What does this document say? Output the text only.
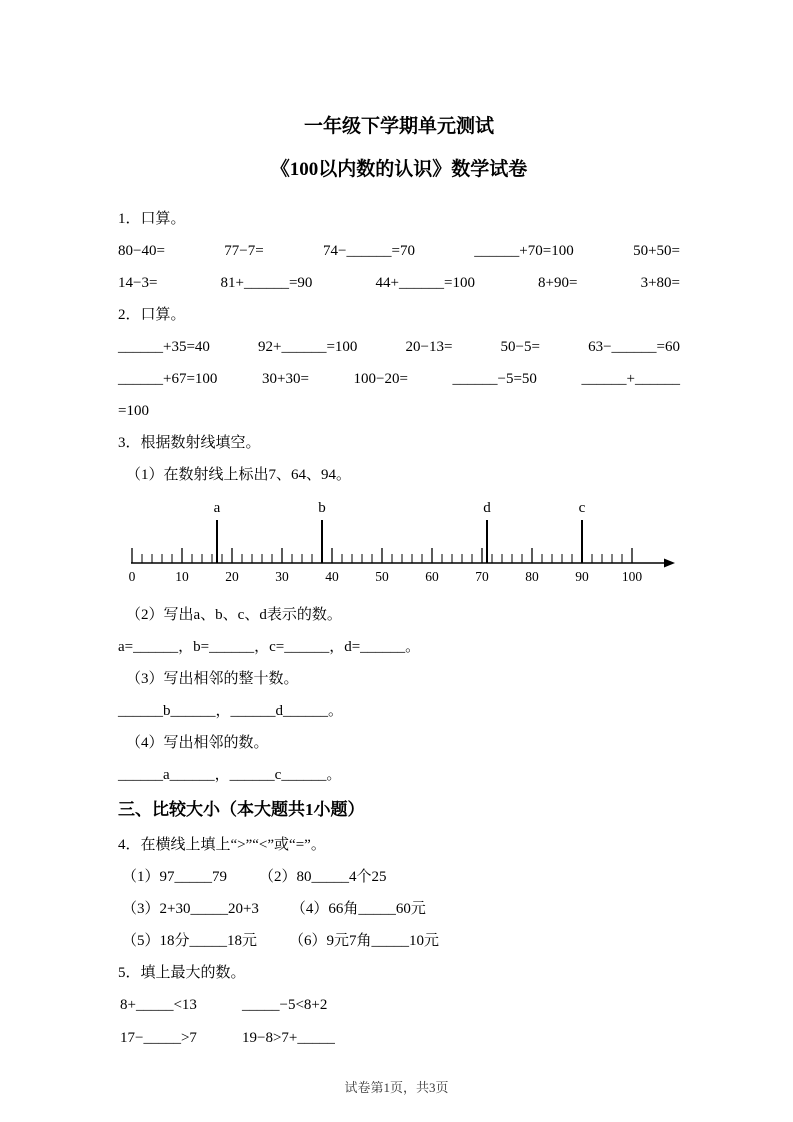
一年级下学期单元测试
《100以内数的认识》数学试卷

1．口算。

80−40=	77−7=	74−______=70	______+70=100	50+50=
14−3=	81+______=90	44+______=100	8+90=	3+80=

2．口算。

______+35=40	92+______=100	20−13=	50−5=	63−______=60
______+67=100	30+30=	100−20=	______−5=50	______+______

=100

3．根据数射线填空。

（1）在数射线上标出7、64、94。

0	10	20	30	40	50	60	70	80	90 100
a	b	d	c

（2）写出a、b、c、d表示的数。

a=______，b=______，c=______，d=______。

（3）写出相邻的整十数。

______b______，______d______。

（4）写出相邻的数。

______a______，______c______。

三、比较大小（本大题共1小题）

4．在横线上填上“>”“<”或“=”。

（1）97_____79 （2）80_____4个25
（3）2+30_____20+3 （4）66角_____60元
（5）18分_____18元 （6）9元7角_____10元

5．填上最大的数。

8+_____<13	_____−5<8+2
17−_____>7	19−8>7+_____
试卷第1页，共3页
